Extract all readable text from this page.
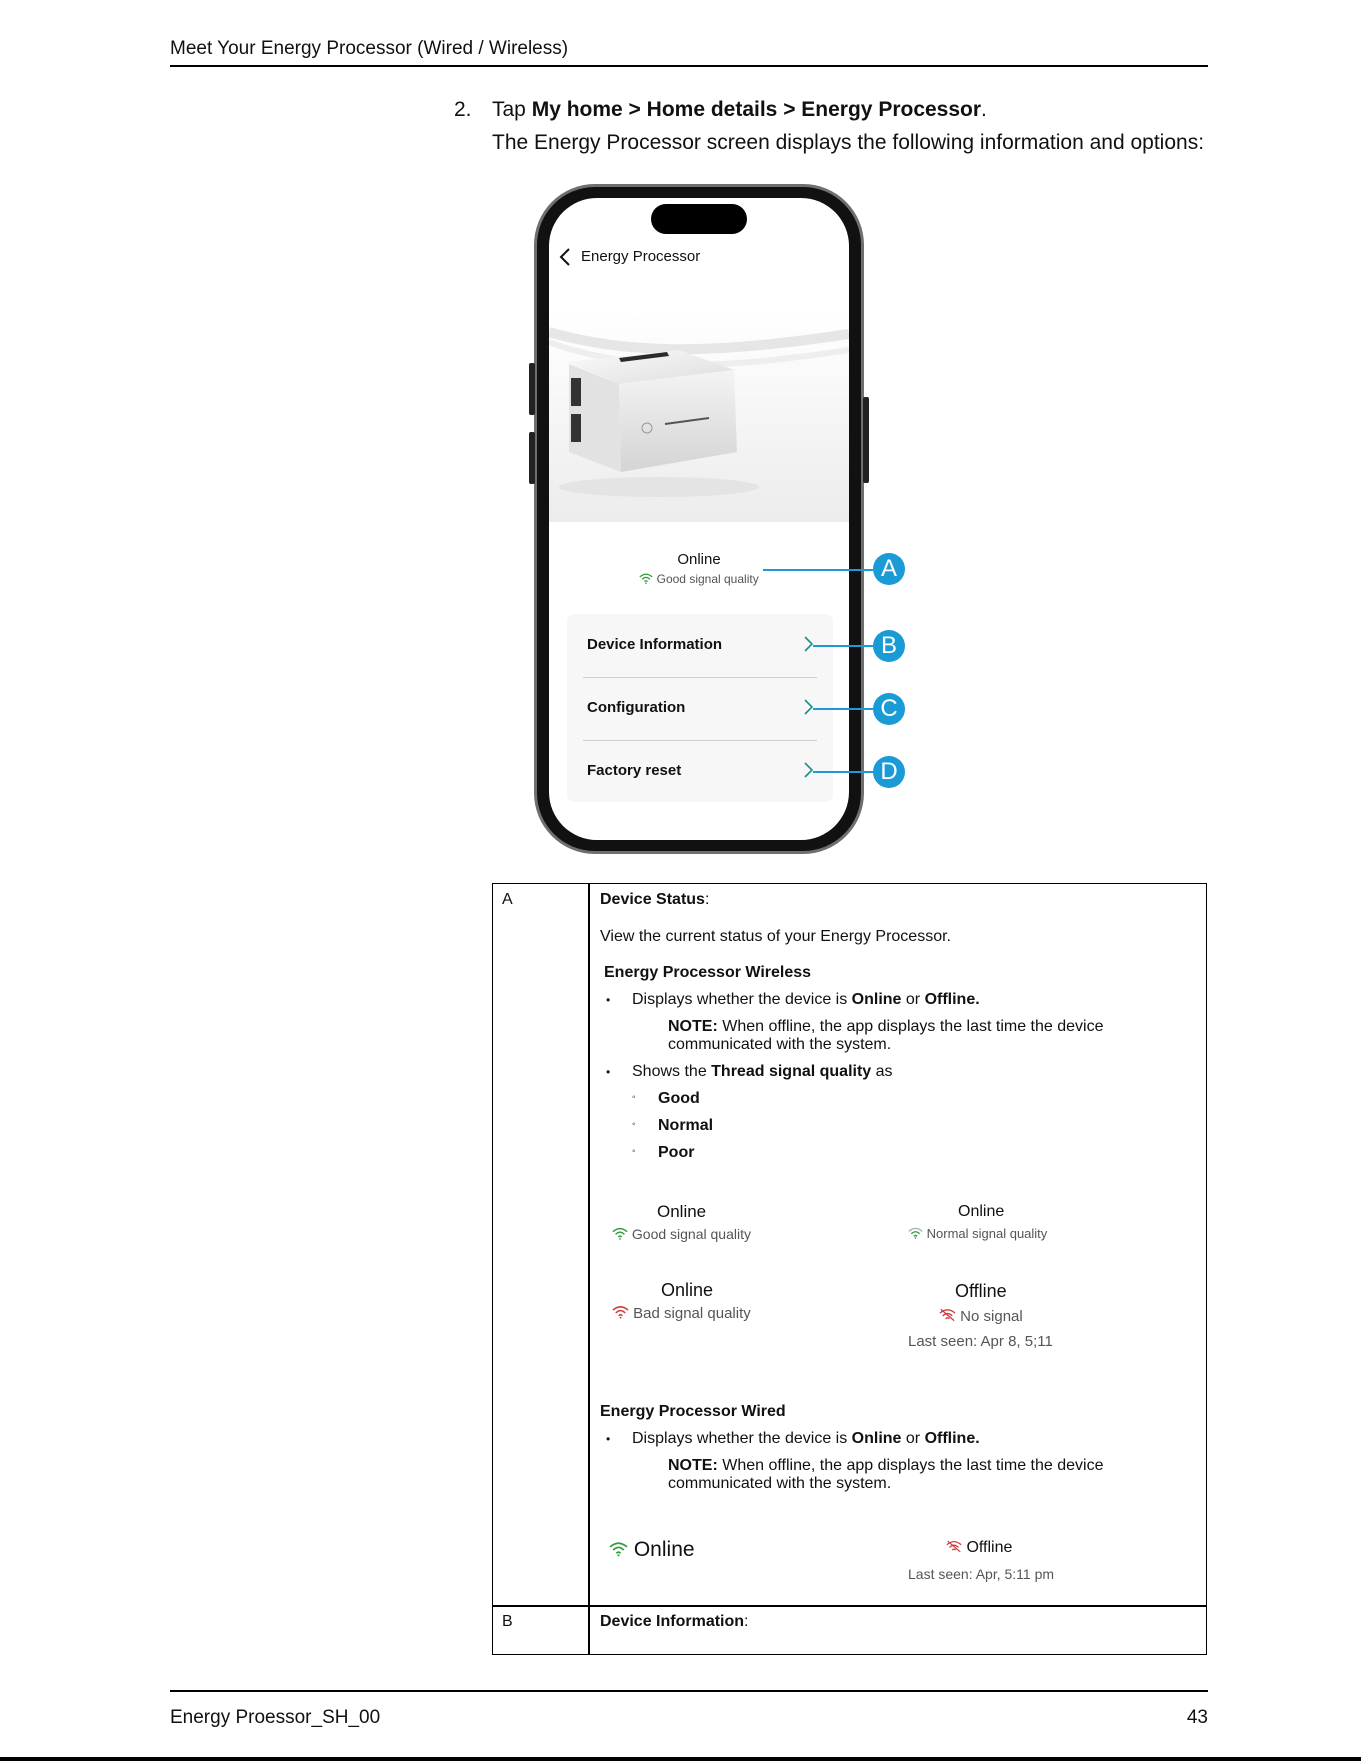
Meet Your Energy Processor (Wired / Wireless)
2. Tap My home > Home details > Energy Processor.
The Energy Processor screen displays the following information and options:
Energy Processor
Online
Good signal quality
Device Information
Configuration
Factory reset
A
B
C
D
A	Device Status:
View the current status of your Energy Processor.
Energy Processor Wireless
• Displays whether the device is Online or Offline.
NOTE: When offline, the app displays the last time the device communicated with the system.
• Shows the Thread signal quality as
◦ Good
◦ Normal
◦ Poor
Online
Good signal quality
Online
Normal signal quality
Online
Bad signal quality
Offline
No signal
Last seen: Apr 8, 5;11
Energy Processor Wired
• Displays whether the device is Online or Offline.
NOTE: When offline, the app displays the last time the device communicated with the system.
Online	Offline
Last seen: Apr, 5:11 pm
B	Device Information:
Energy Proessor_SH_00	43
